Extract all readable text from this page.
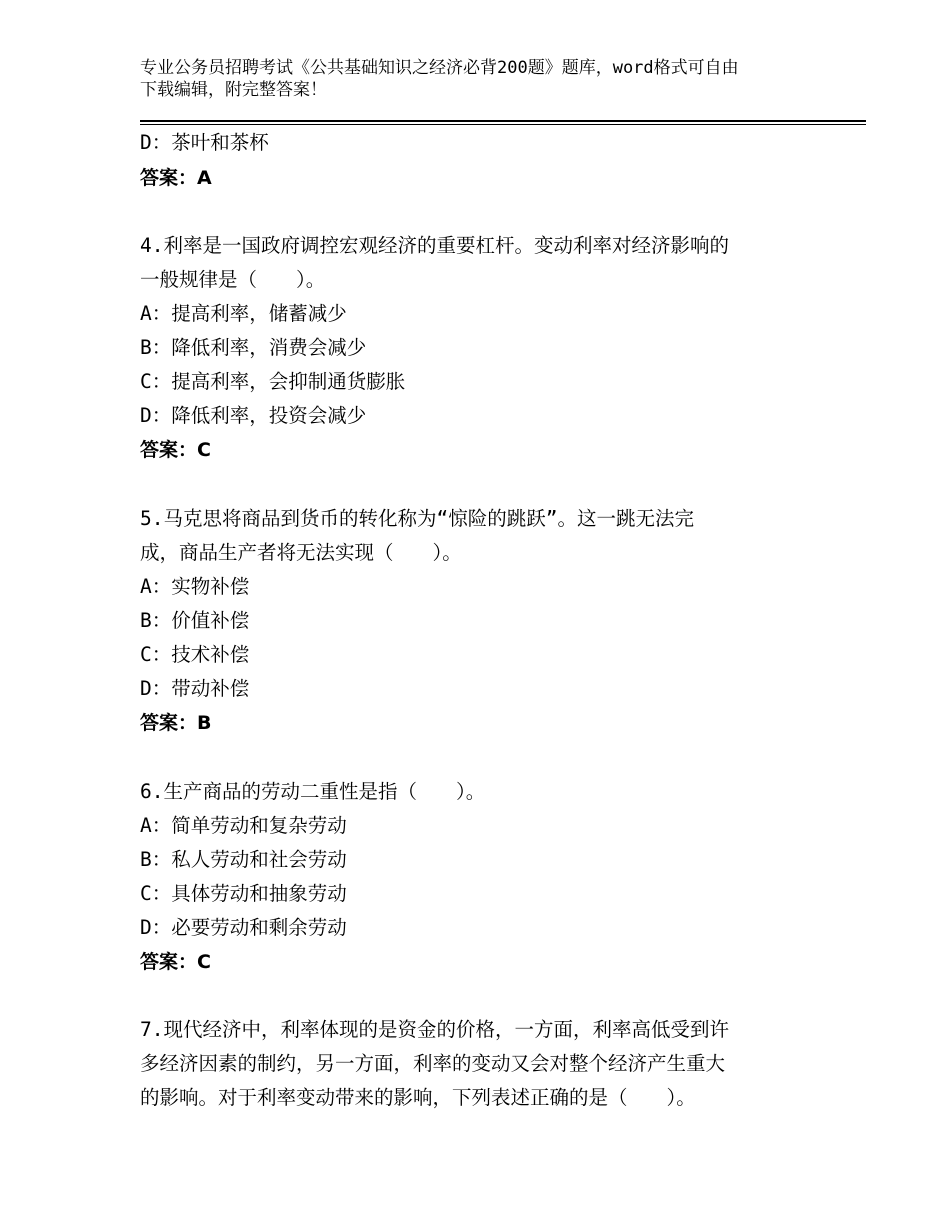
专业公务员招聘考试《公共基础知识之经济必背200题》题库，word格式可自由
下载编辑，附完整答案！
D：茶叶和茶杯
答案：A
4.利率是一国政府调控宏观经济的重要杠杆。变动利率对经济影响的
一般规律是（　　）。
A：提高利率，储蓄减少
B：降低利率，消费会减少
C：提高利率，会抑制通货膨胀
D：降低利率，投资会减少
答案：C
5.马克思将商品到货币的转化称为“惊险的跳跃”。这一跳无法完
成，商品生产者将无法实现（　　）。
A：实物补偿
B：价值补偿
C：技术补偿
D：带动补偿
答案：B
6.生产商品的劳动二重性是指（　　）。
A：简单劳动和复杂劳动
B：私人劳动和社会劳动
C：具体劳动和抽象劳动
D：必要劳动和剩余劳动
答案：C
7.现代经济中，利率体现的是资金的价格，一方面，利率高低受到许
多经济因素的制约，另一方面，利率的变动又会对整个经济产生重大
的影响。对于利率变动带来的影响，下列表述正确的是（　　）。
